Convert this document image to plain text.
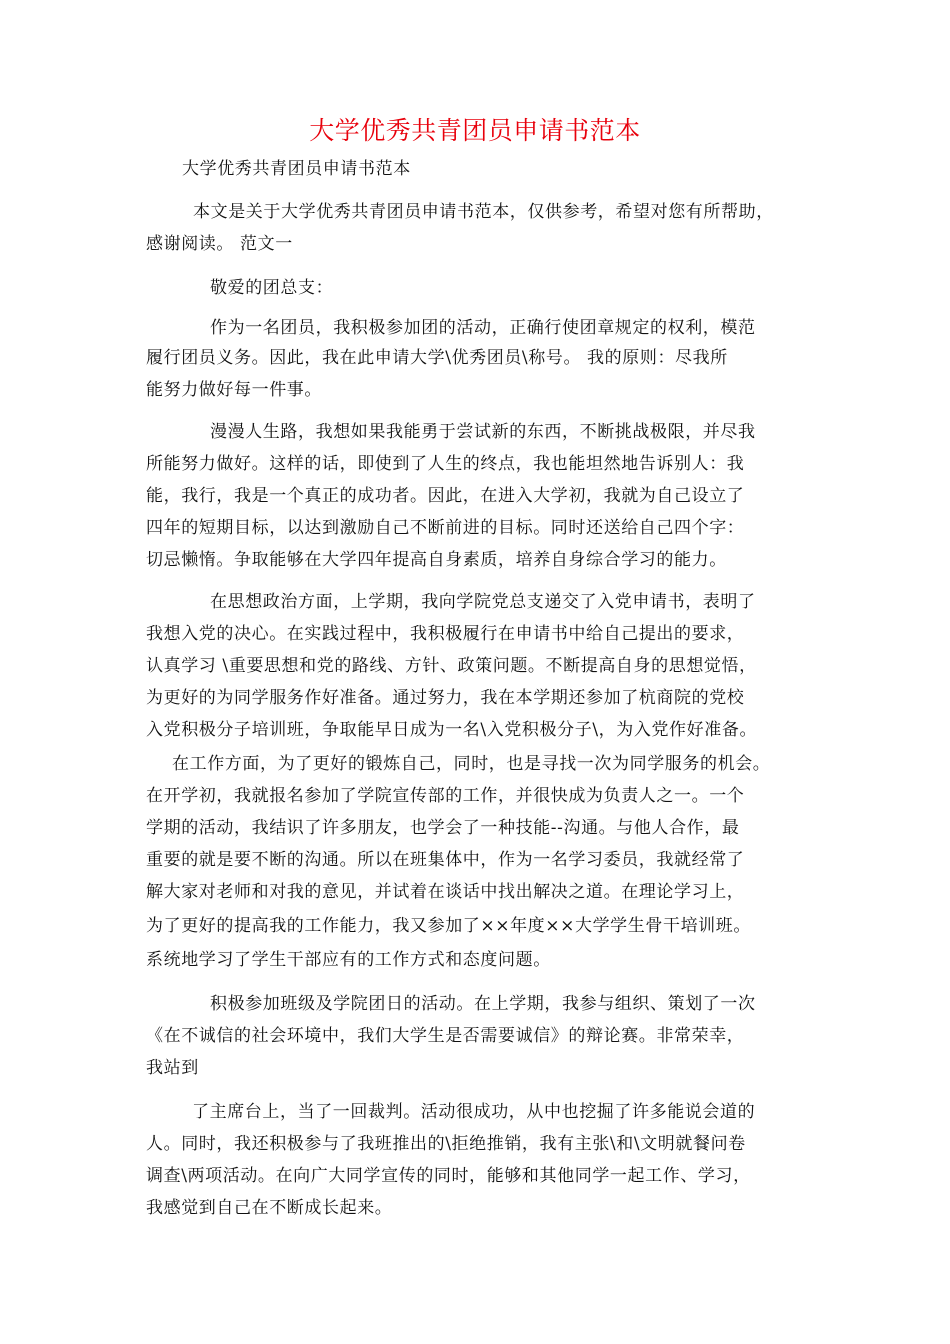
大学优秀共青团员申请书范本
大学优秀共青团员申请书范本
本文是关于大学优秀共青团员申请书范本，仅供参考，希望对您有所帮助，
感谢阅读。 范文一
敬爱的团总支：
作为一名团员，我积极参加团的活动，正确行使团章规定的权利，模范
履行团员义务。因此，我在此申请大学\优秀团员\称号。 我的原则：尽我所
能努力做好每一件事。
漫漫人生路，我想如果我能勇于尝试新的东西，不断挑战极限，并尽我
所能努力做好。这样的话，即使到了人生的终点，我也能坦然地告诉别人：我
能，我行，我是一个真正的成功者。因此，在进入大学初，我就为自己设立了
四年的短期目标，以达到激励自己不断前进的目标。同时还送给自己四个字：
切忌懒惰。争取能够在大学四年提高自身素质，培养自身综合学习的能力。
在思想政治方面，上学期，我向学院党总支递交了入党申请书，表明了
我想入党的决心。在实践过程中，我积极履行在申请书中给自己提出的要求，
认真学习 \重要思想和党的路线、方针、政策问题。不断提高自身的思想觉悟，
为更好的为同学服务作好准备。通过努力，我在本学期还参加了杭商院的党校
入党积极分子培训班，争取能早日成为一名\入党积极分子\，为入党作好准备。
在工作方面，为了更好的锻炼自己，同时，也是寻找一次为同学服务的机会。
在开学初，我就报名参加了学院宣传部的工作，并很快成为负责人之一。一个
学期的活动，我结识了许多朋友，也学会了一种技能--沟通。与他人合作，最
重要的就是要不断的沟通。所以在班集体中，作为一名学习委员，我就经常了
解大家对老师和对我的意见，并试着在谈话中找出解决之道。在理论学习上，
为了更好的提高我的工作能力，我又参加了××年度××大学学生骨干培训班。
系统地学习了学生干部应有的工作方式和态度问题。
积极参加班级及学院团日的活动。在上学期，我参与组织、策划了一次
《在不诚信的社会环境中，我们大学生是否需要诚信》的辩论赛。非常荣幸，
我站到
了主席台上，当了一回裁判。活动很成功，从中也挖掘了许多能说会道的
人。同时，我还积极参与了我班推出的\拒绝推销，我有主张\和\文明就餐问卷
调查\两项活动。在向广大同学宣传的同时，能够和其他同学一起工作、学习，
我感觉到自己在不断成长起来。
